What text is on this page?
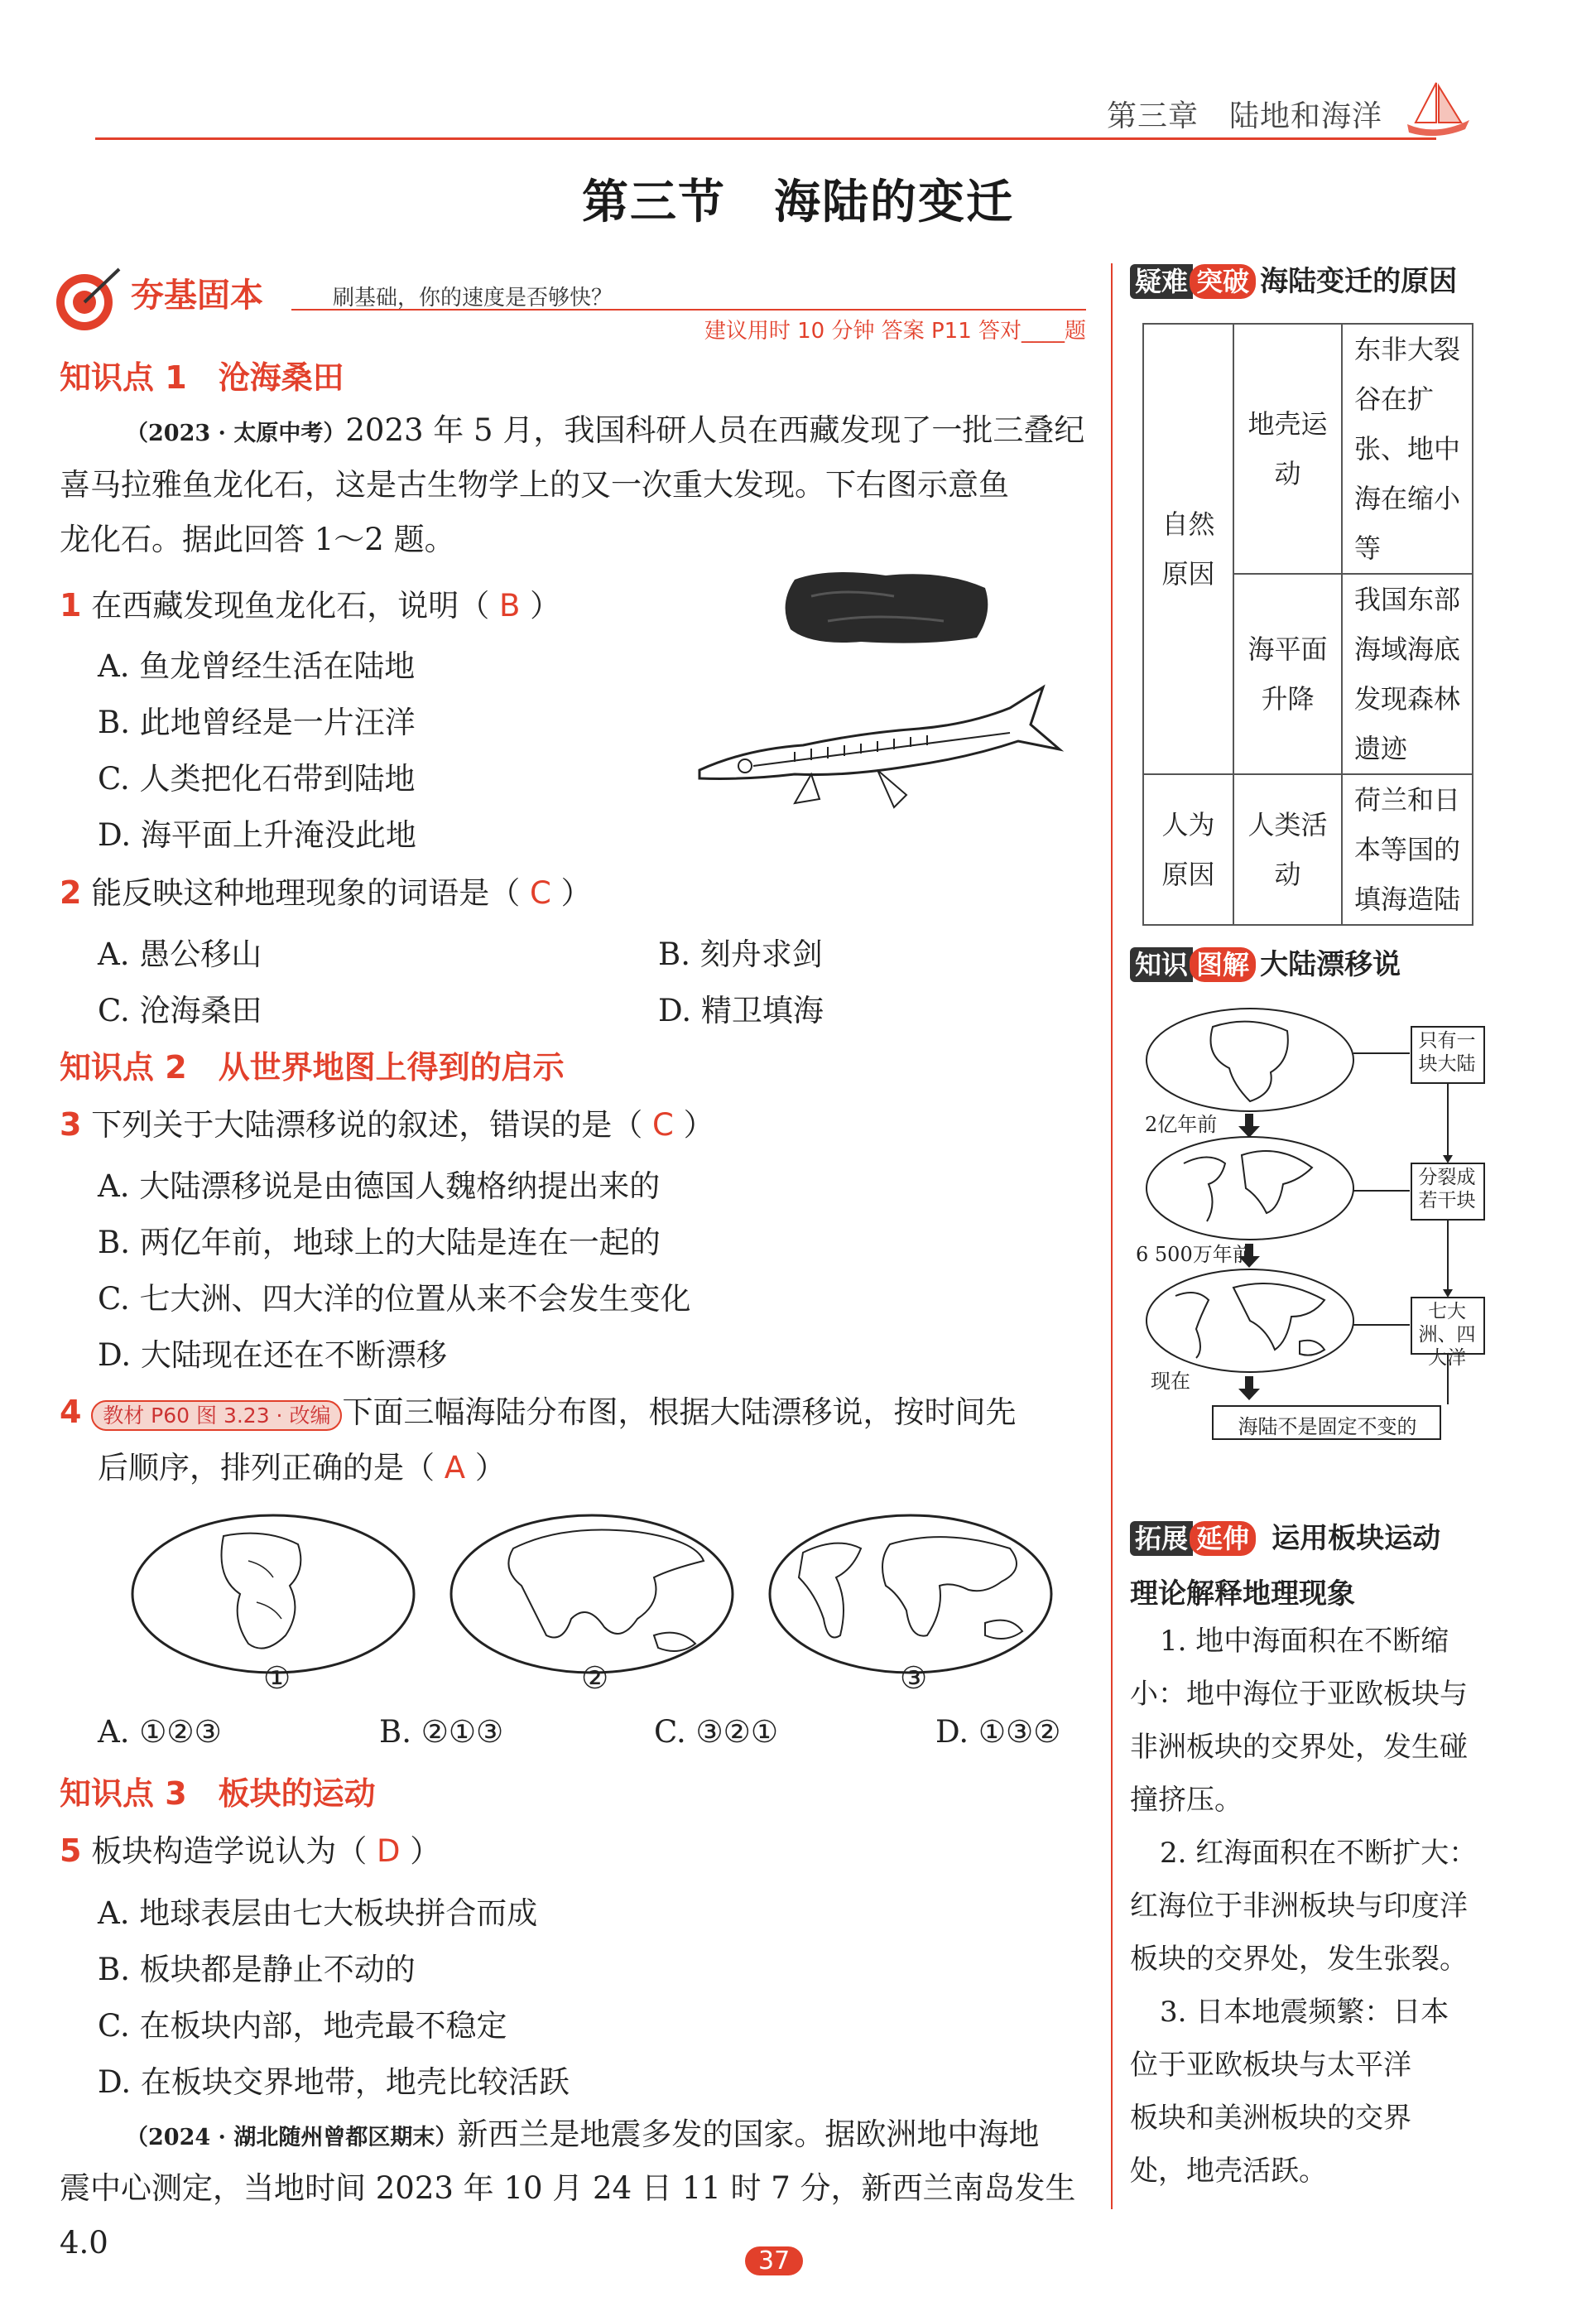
第三章　陆地和海洋
第三节　海陆的变迁
夯基固本	刷基础，你的速度是否够快？
建议用时 10 分钟 答案 P11 答对____题
知识点 1　沧海桑田
（2023 · 太原中考）2023 年 5 月，我国科研人员在西藏发现了一批三叠纪
喜马拉雅鱼龙化石，这是古生物学上的又一次重大发现。下右图示意鱼
龙化石。据此回答 1～2 题。
1 在西藏发现鱼龙化石，说明（ B ）
A. 鱼龙曾经生活在陆地
B. 此地曾经是一片汪洋
C. 人类把化石带到陆地
D. 海平面上升淹没此地
2 能反映这种地理现象的词语是（ C ）
A. 愚公移山	B. 刻舟求剑
C. 沧海桑田	D. 精卫填海
知识点 2　从世界地图上得到的启示
3 下列关于大陆漂移说的叙述，错误的是（ C ）
A. 大陆漂移说是由德国人魏格纳提出来的
B. 两亿年前，地球上的大陆是连在一起的
C. 七大洲、四大洋的位置从来不会发生变化
D. 大陆现在还在不断漂移
4 教材 P60 图 3.23 · 改编 下面三幅海陆分布图，根据大陆漂移说，按时间先
后顺序，排列正确的是（ A ）
①	②	③
A. ①②③	B. ②①③	C. ③②①	D. ①③②
知识点 3　板块的运动
5 板块构造学说认为（ D ）
A. 地球表层由七大板块拼合而成
B. 板块都是静止不动的
C. 在板块内部，地壳最不稳定
D. 在板块交界地带，地壳比较活跃
（2024 · 湖北随州曾都区期末）新西兰是地震多发的国家。据欧洲地中海地
震中心测定，当地时间 2023 年 10 月 24 日 11 时 7 分，新西兰南岛发生 4.0
疑难 突破 海陆变迁的原因
自然原因	地壳运动	东非大裂谷在扩张、地中海在缩小等
	海平面升降	我国东部海域海底发现森林遗迹
人为原因	人类活动	荷兰和日本等国的填海造陆
知识 图解 大陆漂移说
2亿年前
6 500万年前
现在
只有一块大陆
分裂成若干块
七大洲、四大洋
海陆不是固定不变的
拓展 延伸 运用板块运动
理论解释地理现象
1. 地中海面积在不断缩
小：地中海位于亚欧板块与
非洲板块的交界处，发生碰
撞挤压。
2. 红海面积在不断扩大：
红海位于非洲板块与印度洋
板块的交界处，发生张裂。
3. 日本地震频繁：日本
位于亚欧板块与太平洋
板块和美洲板块的交界
处，地壳活跃。
37
